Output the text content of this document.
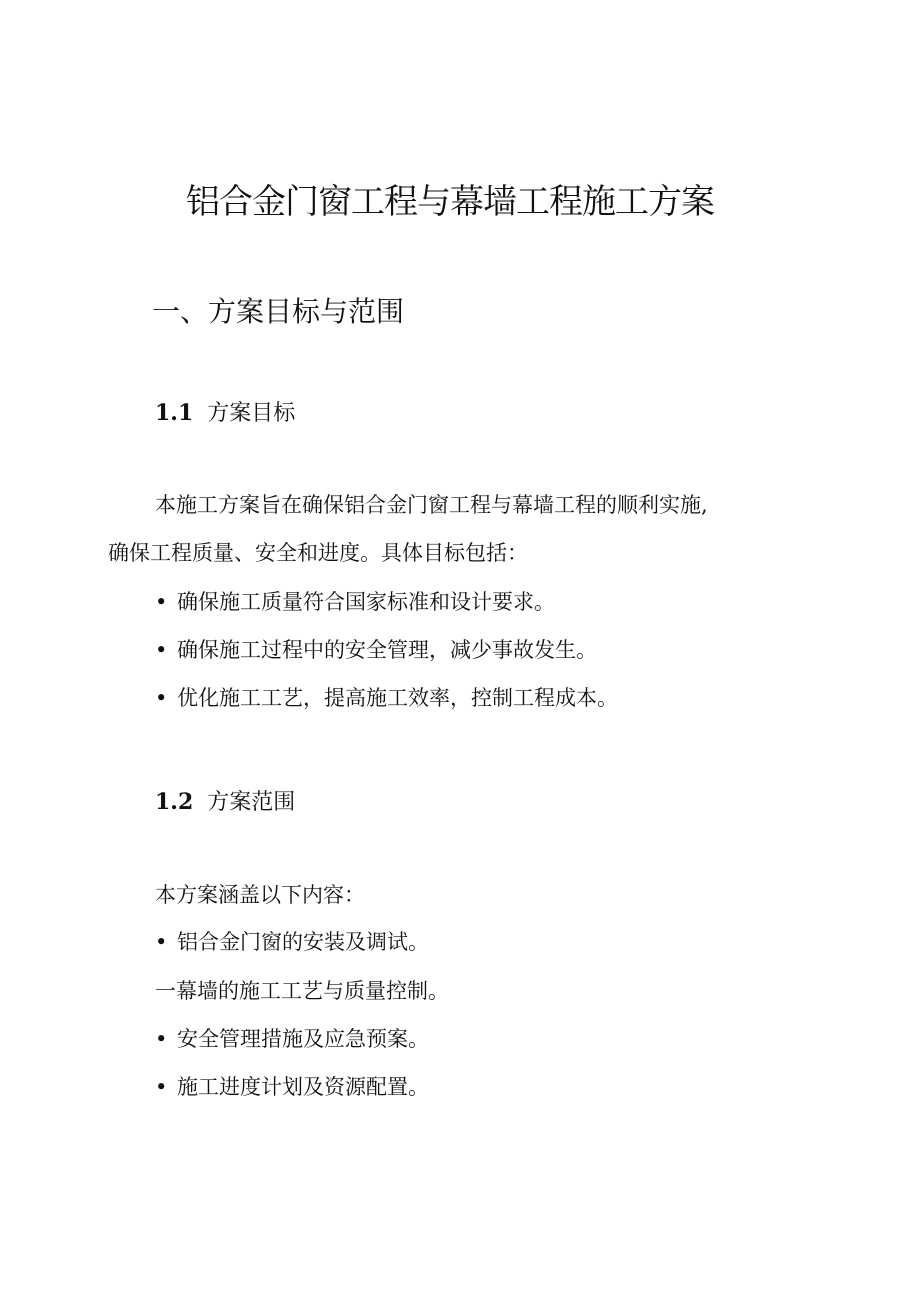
铝合金门窗工程与幕墙工程施工方案
一、方案目标与范围
1.1 方案目标
本施工方案旨在确保铝合金门窗工程与幕墙工程的顺利实施,
确保工程质量、安全和进度。具体目标包括：
• 确保施工质量符合国家标准和设计要求。
• 确保施工过程中的安全管理，减少事故发生。
• 优化施工工艺，提高施工效率，控制工程成本。
1.2 方案范围
本方案涵盖以下内容：
• 铝合金门窗的安装及调试。
一幕墙的施工工艺与质量控制。
• 安全管理措施及应急预案。
• 施工进度计划及资源配置。
